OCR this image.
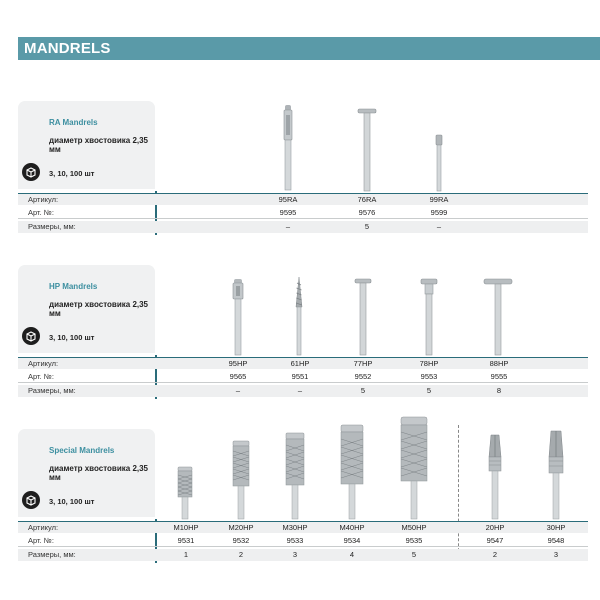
MANDRELS
RA Mandrels
диаметр хвостовика 2,35 мм
3, 10, 100 шт
Артикул:	95RA	76RA	99RA
Арт. №:	9595	9576	9599
Размеры, мм:	–	5	–
HP Mandrels
диаметр хвостовика 2,35 мм
3, 10, 100 шт
Артикул:	95HP	61HP	77HP	78HP	88HP
Арт. №:	9565	9551	9552	9553	9555
Размеры, мм:	–	–	5	5	8
Special Mandrels
диаметр хвостовика 2,35 мм
3, 10, 100 шт
Артикул:	M10HP	M20HP	M30HP	M40HP	M50HP	20HP	30HP
Арт. №:	9531	9532	9533	9534	9535	9547	9548
Размеры, мм:	1	2	3	4	5	2	3
